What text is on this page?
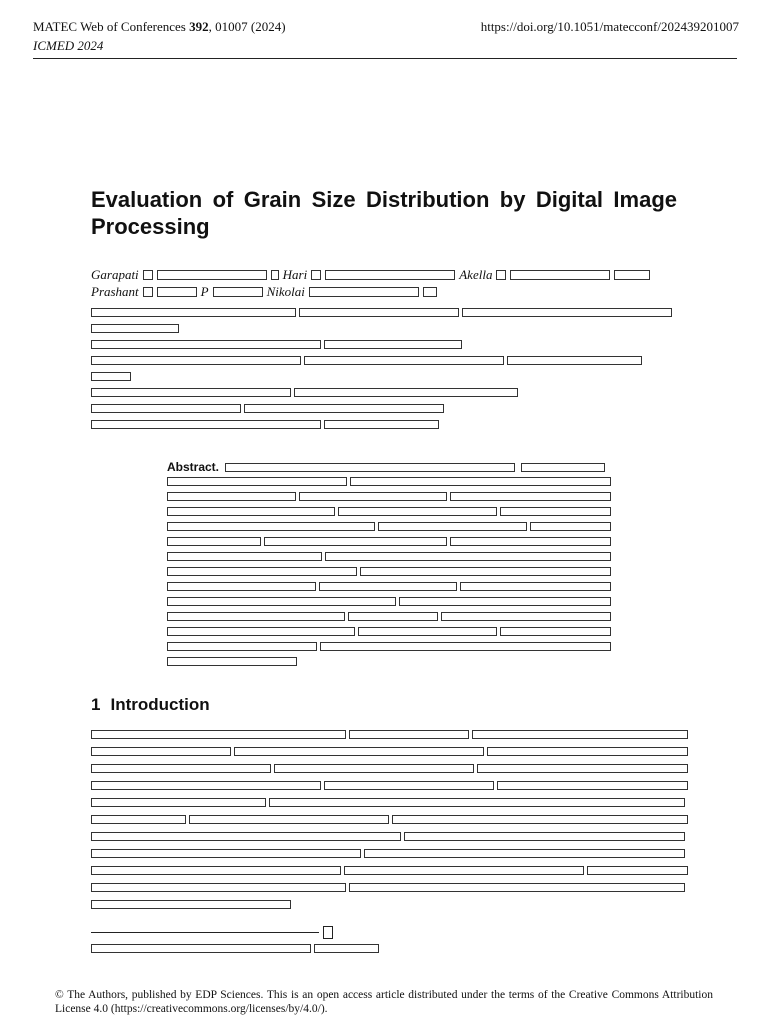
MATEC Web of Conferences 392, 01007 (2024)	https://doi.org/10.1051/matecconf/202439201007
ICMED 2024
Evaluation of Grain Size Distribution by Digital Image Processing
Garapati	Hari	Akella
Prashant	P	Nikolai
Abstract.
1 Introduction
© The Authors, published by EDP Sciences. This is an open access article distributed under the terms of the Creative Commons Attribution License 4.0 (https://creativecommons.org/licenses/by/4.0/).
